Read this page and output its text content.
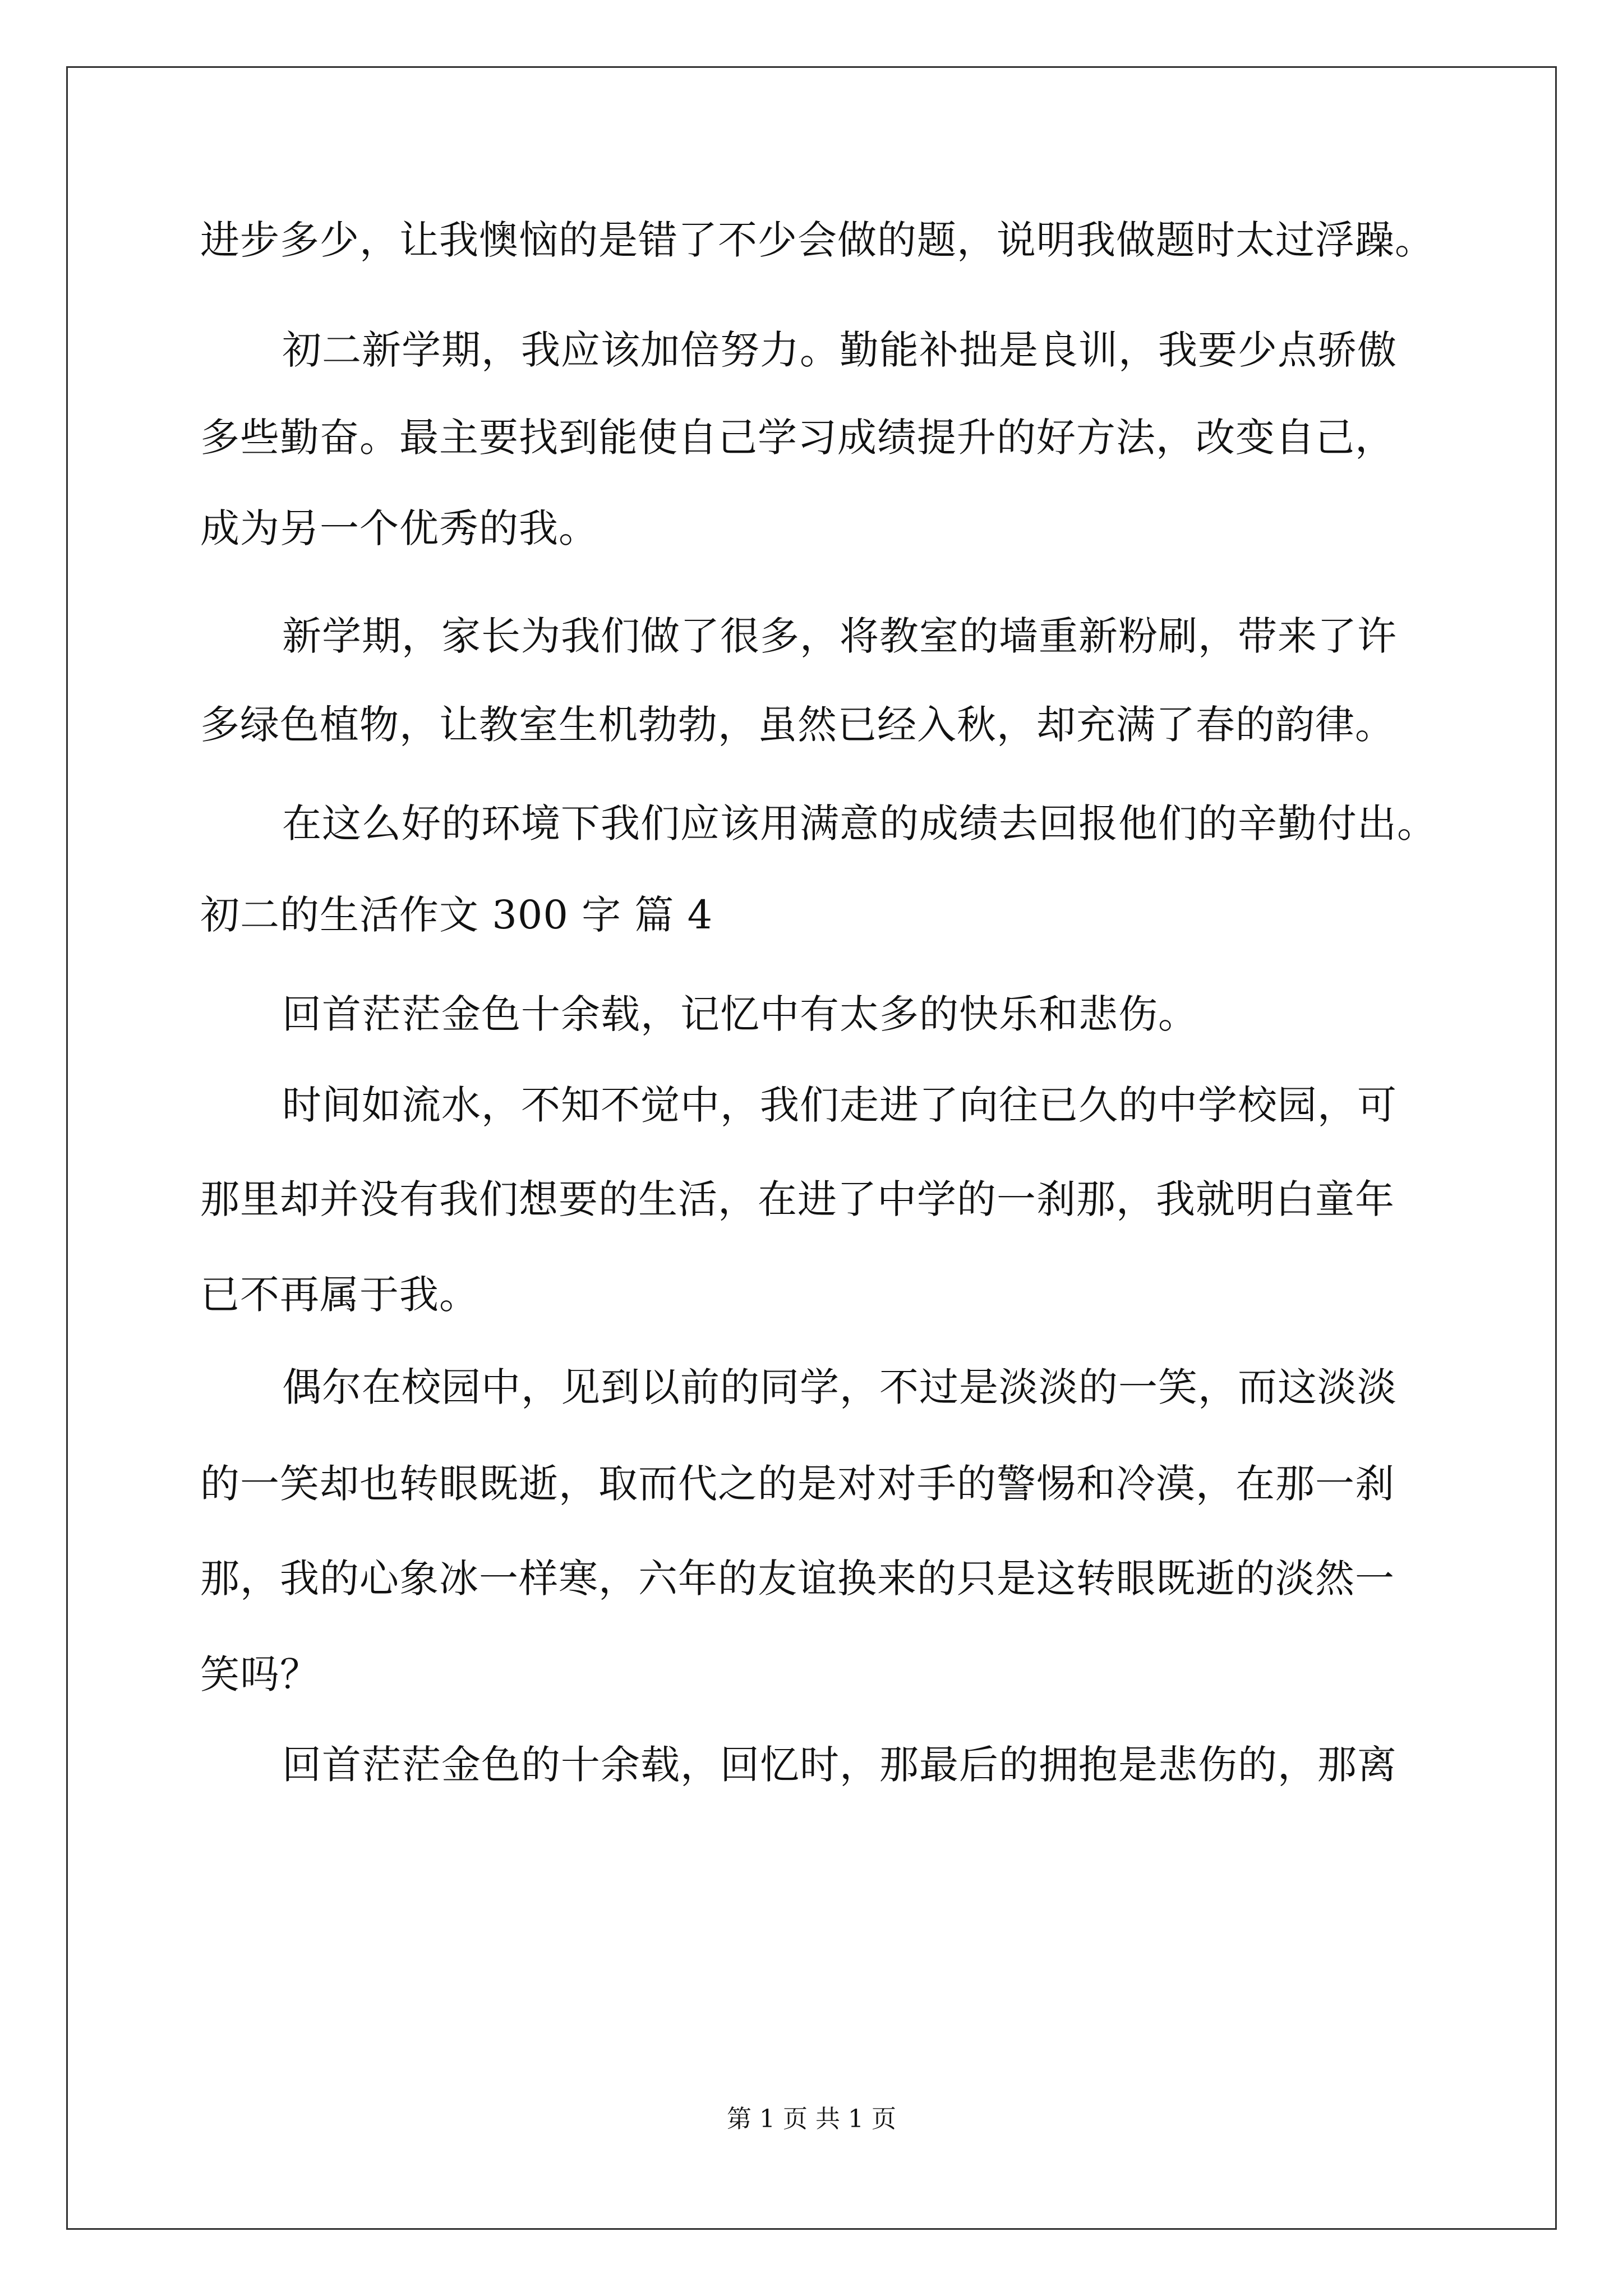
进步多少，让我懊恼的是错了不少会做的题，说明我做题时太过浮躁。
初二新学期，我应该加倍努力。勤能补拙是良训，我要少点骄傲
多些勤奋。最主要找到能使自己学习成绩提升的好方法，改变自己，
成为另一个优秀的我。
新学期，家长为我们做了很多，将教室的墙重新粉刷，带来了许
多绿色植物，让教室生机勃勃，虽然已经入秋，却充满了春的韵律。
在这么好的环境下我们应该用满意的成绩去回报他们的辛勤付出。
初二的生活作文 300 字 篇 4
回首茫茫金色十余载，记忆中有太多的快乐和悲伤。
时间如流水，不知不觉中，我们走进了向往已久的中学校园，可
那里却并没有我们想要的生活，在进了中学的一刹那，我就明白童年
已不再属于我。
偶尔在校园中，见到以前的同学，不过是淡淡的一笑，而这淡淡
的一笑却也转眼既逝，取而代之的是对对手的警惕和冷漠，在那一刹
那，我的心象冰一样寒，六年的友谊换来的只是这转眼既逝的淡然一
笑吗？
回首茫茫金色的十余载，回忆时，那最后的拥抱是悲伤的，那离
第 1 页 共 1 页
